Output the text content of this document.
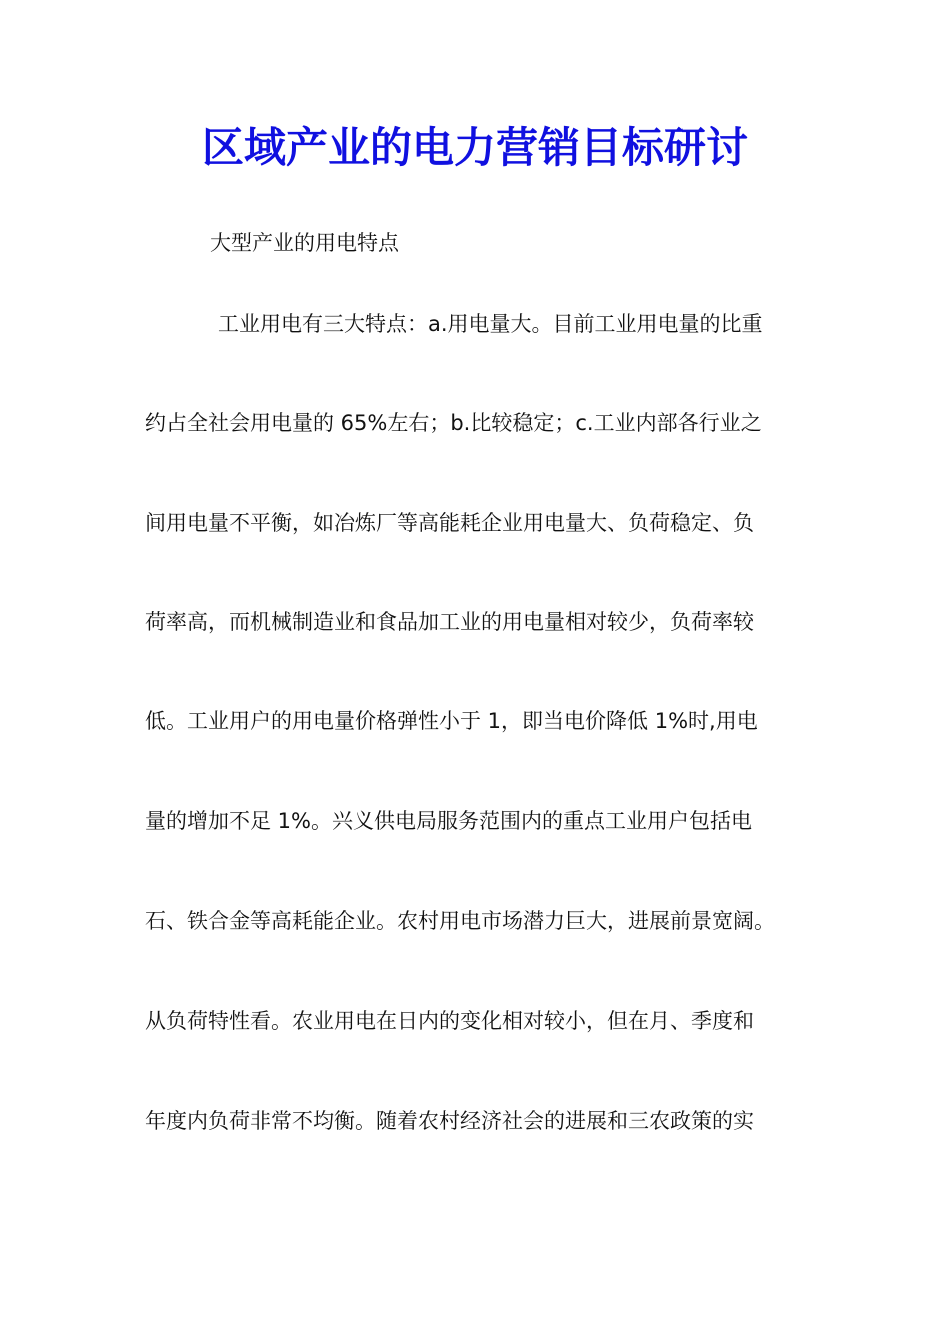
区域产业的电力营销目标研讨
大型产业的用电特点
工业用电有三大特点：a.用电量大。目前工业用电量的比重
约占全社会用电量的 65%左右；b.比较稳定；c.工业内部各行业之
间用电量不平衡，如冶炼厂等高能耗企业用电量大、负荷稳定、负
荷率高，而机械制造业和食品加工业的用电量相对较少，负荷率较
低。工业用户的用电量价格弹性小于 1，即当电价降低 1%时,用电
量的增加不足 1%。兴义供电局服务范围内的重点工业用户包括电
石、铁合金等高耗能企业。农村用电市场潜力巨大，进展前景宽阔。
从负荷特性看。农业用电在日内的变化相对较小，但在月、季度和
年度内负荷非常不均衡。随着农村经济社会的进展和三农政策的实
